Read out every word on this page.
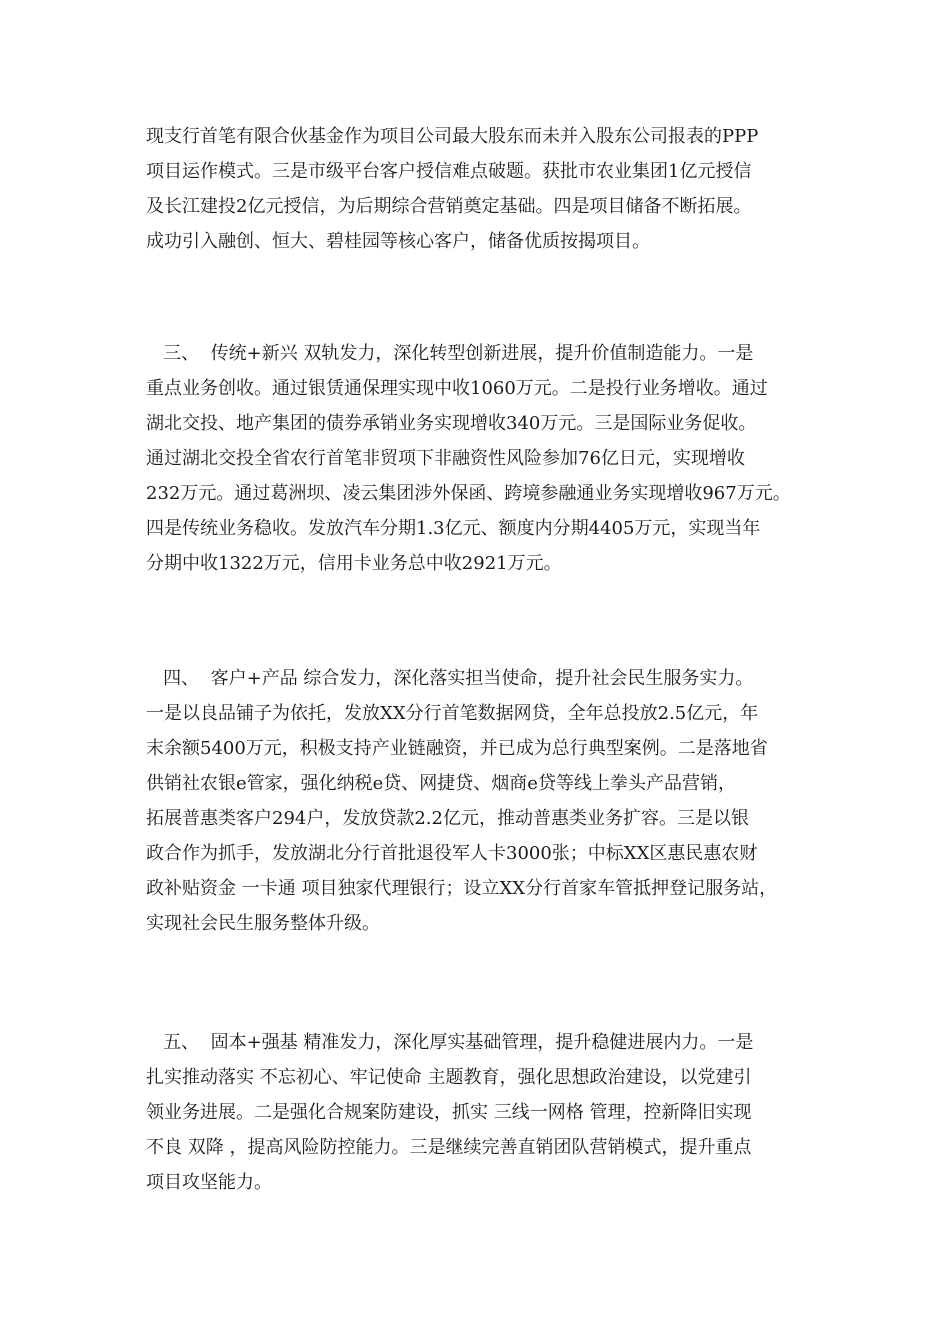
现支行首笔有限合伙基金作为项目公司最大股东而未并入股东公司报表的PPP
项目运作模式。三是市级平台客户授信难点破题。获批市农业集团1亿元授信
及长江建投2亿元授信，为后期综合营销奠定基础。四是项目储备不断拓展。
成功引入融创、恒大、碧桂园等核心客户，储备优质按揭项目。
三、  传统+新兴 双轨发力，深化转型创新进展，提升价值制造能力。一是
重点业务创收。通过银赁通保理实现中收1060万元。二是投行业务增收。通过
湖北交投、地产集团的债券承销业务实现增收340万元。三是国际业务促收。
通过湖北交投全省农行首笔非贸项下非融资性风险参加76亿日元，实现增收
232万元。通过葛洲坝、凌云集团涉外保函、跨境参融通业务实现增收967万元。
四是传统业务稳收。发放汽车分期1.3亿元、额度内分期4405万元，实现当年
分期中收1322万元，信用卡业务总中收2921万元。
四、  客户+产品 综合发力，深化落实担当使命，提升社会民生服务实力。
一是以良品铺子为依托，发放XX分行首笔数据网贷，全年总投放2.5亿元，年
末余额5400万元，积极支持产业链融资，并已成为总行典型案例。二是落地省
供销社农银e管家，强化纳税e贷、网捷贷、烟商e贷等线上拳头产品营销，
拓展普惠类客户294户，发放贷款2.2亿元，推动普惠类业务扩容。三是以银
政合作为抓手，发放湖北分行首批退役军人卡3000张；中标XX区惠民惠农财
政补贴资金 一卡通 项目独家代理银行；设立XX分行首家车管抵押登记服务站，
实现社会民生服务整体升级。
五、  固本+强基 精准发力，深化厚实基础管理，提升稳健进展内力。一是
扎实推动落实 不忘初心、牢记使命 主题教育，强化思想政治建设，以党建引
领业务进展。二是强化合规案防建设，抓实 三线一网格 管理，控新降旧实现
不良 双降 ，提高风险防控能力。三是继续完善直销团队营销模式，提升重点
项目攻坚能力。
